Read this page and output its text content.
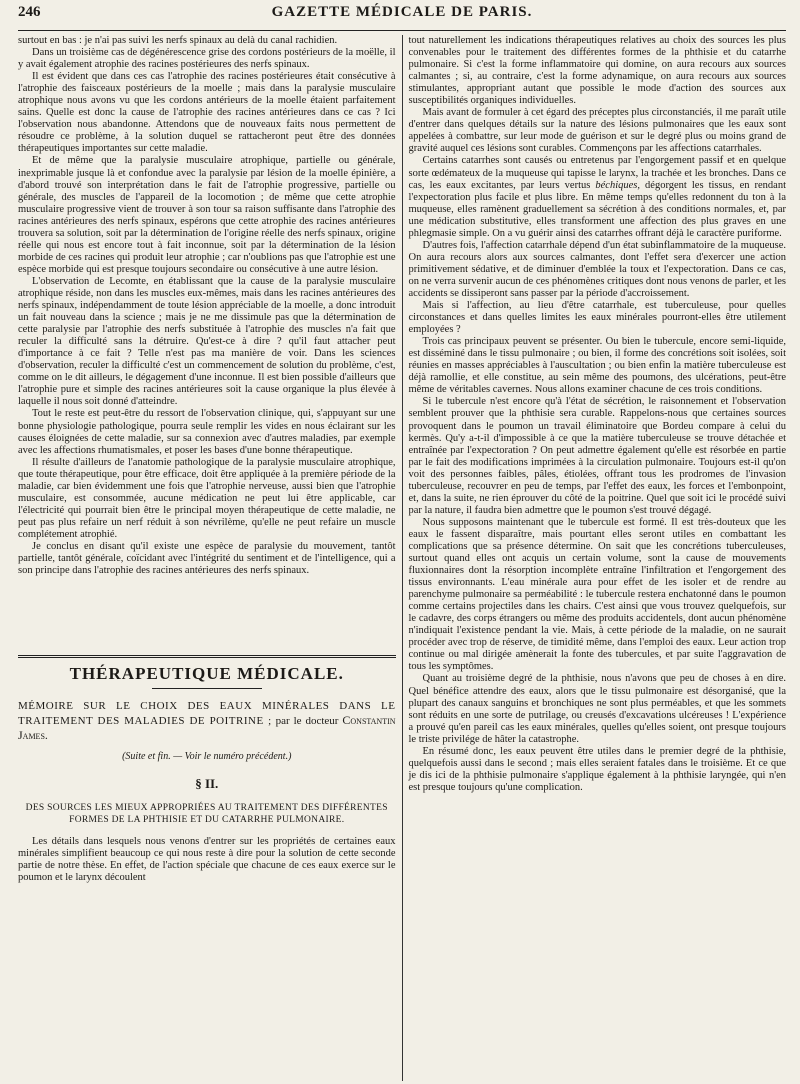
246	GAZETTE MÉDICALE DE PARIS.

surtout en bas : je n'ai pas suivi les nerfs spinaux au delà du canal rachidien.

Dans un troisième cas de dégénérescence grise des cordons postérieurs de la moëlle, il y avait également atrophie des racines postérieures des nerfs spinaux.

Il est évident que dans ces cas l'atrophie des racines postérieures était consécutive à l'atrophie des faisceaux postérieurs de la moelle ; mais dans la paralysie musculaire atrophique nous avons vu que les cordons antérieurs de la moelle étaient parfaitement sains. Quelle est donc la cause de l'atrophie des racines antérieures dans ce cas ? Ici l'observation nous abandonne. Attendons que de nouveaux faits nous permettent de résoudre ce problème, à la solution duquel se rattacheront peut être des données thérapeutiques importantes sur cette maladie.

Et de même que la paralysie musculaire atrophique, partielle ou générale, inexprimable jusque là et confondue avec la paralysie par lésion de la moelle épinière, a d'abord trouvé son interprétation dans le fait de l'atrophie progressive, partielle ou générale, des muscles de l'appareil de la locomotion ; de même que cette atrophie musculaire progressive vient de trouver à son tour sa raison suffisante dans l'atrophie des racines antérieures des nerfs spinaux, espérons que cette atrophie des racines antérieures trouvera sa solution, soit par la détermination de l'origine réelle des nerfs spinaux, origine réelle qui nous est encore tout à fait inconnue, soit par la détermination de la lésion morbide de ces racines qui produit leur atrophie ; car n'oublions pas que l'atrophie est une espèce morbide qui est presque toujours secondaire ou consécutive à une autre lésion.

L'observation de Lecomte, en établissant que la cause de la paralysie musculaire atrophique réside, non dans les muscles eux-mêmes, mais dans les racines antérieures des nerfs spinaux, indépendamment de toute lésion appréciable de la moelle, a donc introduit un fait nouveau dans la science ; mais je ne me dissimule pas que la détermination de cette paralysie par l'atrophie des nerfs substituée à l'atrophie des muscles n'a fait que reculer la difficulté sans la détruire. Qu'est-ce à dire ? qu'il faut attacher peut d'importance à ce fait ? Telle n'est pas ma manière de voir. Dans les sciences d'observation, reculer la difficulté c'est un commencement de solution du problème, c'est, comme on le dit ailleurs, le dégagement d'une inconnue. Il est bien possible d'ailleurs que l'atrophie pure et simple des racines antérieures soit la cause organique la plus élevée à laquelle il nous soit donné d'atteindre.

Tout le reste est peut-être du ressort de l'observation clinique, qui, s'appuyant sur une bonne physiologie pathologique, pourra seule remplir les vides en nous éclairant sur les causes éloignées de cette maladie, sur sa connexion avec d'autres maladies, par exemple avec les affections rhumatismales, et poser les bases d'une bonne thérapeutique.

Il résulte d'ailleurs de l'anatomie pathologique de la paralysie musculaire atrophique, que toute thérapeutique, pour être efficace, doit être appliquée à la première période de la maladie, car bien évidemment une fois que l'atrophie nerveuse, aussi bien que l'atrophie musculaire, est consommée, aucune médication ne peut lui être applicable, car l'électricité qui pourrait bien être le principal moyen thérapeutique de cette maladie, ne peut pas plus refaire un nerf réduit à son névrilème, qu'elle ne peut refaire un muscle complétement atrophié.

Je conclus en disant qu'il existe une espèce de paralysie du mouvement, tantôt partielle, tantôt générale, coïcidant avec l'intégrité du sentiment et de l'intelligence, qui a son principe dans l'atrophie des racines antérieures des nerfs spinaux.

THÉRAPEUTIQUE MÉDICALE.
MÉMOIRE SUR LE CHOIX DES EAUX MINÉRALES DANS LE TRAITEMENT DES MALADIES DE POITRINE ; par le docteur Constantin James.
(Suite et fin. — Voir le numéro précédent.)
§ II.
DES SOURCES LES MIEUX APPROPRIÉES AU TRAITEMENT DES DIFFÉRENTES FORMES DE LA PHTHISIE ET DU CATARRHE PULMONAIRE.

Les détails dans lesquels nous venons d'entrer sur les propriétés de certaines eaux minérales simplifient beaucoup ce qui nous reste à dire pour la solution de cette seconde partie de notre thèse. En effet, de l'action spéciale que chacune de ces eaux exerce sur le poumon et le larynx découlent

tout naturellement les indications thérapeutiques relatives au choix des sources les plus convenables pour le traitement des différentes formes de la phthisie et du catarrhe pulmonaire. Si c'est la forme inflammatoire qui domine, on aura recours aux sources calmantes ; si, au contraire, c'est la forme adynamique, on aura recours aux sources stimulantes, appropriant autant que possible le mode d'action des sources aux susceptibilités organiques individuelles.

Mais avant de formuler à cet égard des préceptes plus circonstanciés, il me paraît utile d'entrer dans quelques détails sur la nature des lésions pulmonaires que les eaux sont appelées à combattre, sur leur mode de guérison et sur le degré plus ou moins grand de gravité auquel ces lésions sont curables. Commençons par les affections catarrhales.

Certains catarrhes sont causés ou entretenus par l'engorgement passif et en quelque sorte œdémateux de la muqueuse qui tapisse le larynx, la trachée et les bronches. Dans ce cas, les eaux excitantes, par leurs vertus béchiques, dégorgent les tissus, en rendant l'expectoration plus facile et plus libre. En même temps qu'elles redonnent du ton à la muqueuse, elles ramènent graduellement sa sécrétion à des conditions normales, et, par une médication substitutive, elles transforment une affection des plus graves en une phlegmasie simple. On a vu guérir ainsi des catarrhes offrant déjà le caractère puriforme.

D'autres fois, l'affection catarrhale dépend d'un état subinflammatoire de la muqueuse. On aura recours alors aux sources calmantes, dont l'effet sera d'exercer une action primitivement sédative, et de diminuer d'emblée la toux et l'expectoration. Dans ce cas, on ne verra survenir aucun de ces phénomènes critiques dont nous venons de parler, et les accidents se dissiperont sans passer par la période d'accroissement.

Mais si l'affection, au lieu d'être catarrhale, est tuberculeuse, pour quelles circonstances et dans quelles limites les eaux minérales pourront-elles être utilement employées ?

Trois cas principaux peuvent se présenter. Ou bien le tubercule, encore semi-liquide, est disséminé dans le tissu pulmonaire ; ou bien, il forme des concrétions soit isolées, soit réunies en masses appréciables à l'auscultation ; ou bien enfin la matière tuberculeuse est déjà ramollie, et elle constitue, au sein même des poumons, des ulcérations, peut-être même de véritables cavernes. Nous allons examiner chacune de ces trois conditions.

Si le tubercule n'est encore qu'à l'état de sécrétion, le raisonnement et l'observation semblent prouver que la phthisie sera curable. Rappelons-nous que certaines sources provoquent dans le poumon un travail éliminatoire que Bordeu compare à celui du kermès. Qu'y a-t-il d'impossible à ce que la matière tuberculeuse se trouve détachée et entraînée par l'expectoration ? On peut admettre également qu'elle est résorbée en partie par le fait des modifications imprimées à la circulation pulmonaire. Toujours est-il qu'on voit des personnes faibles, pâles, étiolées, offrant tous les prodromes de l'invasion tuberculeuse, recouvrer en peu de temps, par l'effet des eaux, les forces et l'embonpoint, et, dans la suite, ne rien éprouver du côté de la poitrine. Quel que soit ici le procédé suivi par la nature, il faudra bien admettre que le poumon s'est trouvé dégagé.

Nous supposons maintenant que le tubercule est formé. Il est très-douteux que les eaux le fassent disparaître, mais pourtant elles seront utiles en combattant les complications que sa présence détermine. On sait que les concrétions tuberculeuses, surtout quand elles ont acquis un certain volume, sont la cause de mouvements fluxionnaires dont la résorption incomplète entraîne l'infiltration et l'engorgement des tissus environnants. L'eau minérale aura pour effet de les isoler et de rendre au parenchyme pulmonaire sa perméabilité : le tubercule restera enchatonné dans le poumon comme certains projectiles dans les chairs. C'est ainsi que vous trouvez quelquefois, sur le cadavre, des corps étrangers ou même des produits accidentels, dont aucun phénomène n'indiquait l'existence pendant la vie. Mais, à cette période de la maladie, on ne saurait procéder avec trop de réserve, de timidité même, dans l'emploi des eaux. Leur action trop continue ou mal dirigée amènerait la fonte des tubercules, et par suite l'aggravation de tous les symptômes.

Quant au troisième degré de la phthisie, nous n'avons que peu de choses à en dire. Quel bénéfice attendre des eaux, alors que le tissu pulmonaire est désorganisé, que la plupart des canaux sanguins et bronchiques ne sont plus perméables, et que les sommets sont réduits en une sorte de putrilage, ou creusés d'excavations ulcéreuses ! L'expérience a prouvé qu'en pareil cas les eaux minérales, quelles qu'elles soient, ont presque toujours le triste privilége de hâter la catastrophe.

En résumé donc, les eaux peuvent être utiles dans le premier degré de la phthisie, quelquefois aussi dans le second ; mais elles seraient fatales dans le troisième. Et ce que je dis ici de la phthisie pulmonaire s'applique également à la phthisie laryngée, qui n'en est presque toujours qu'une complication.
